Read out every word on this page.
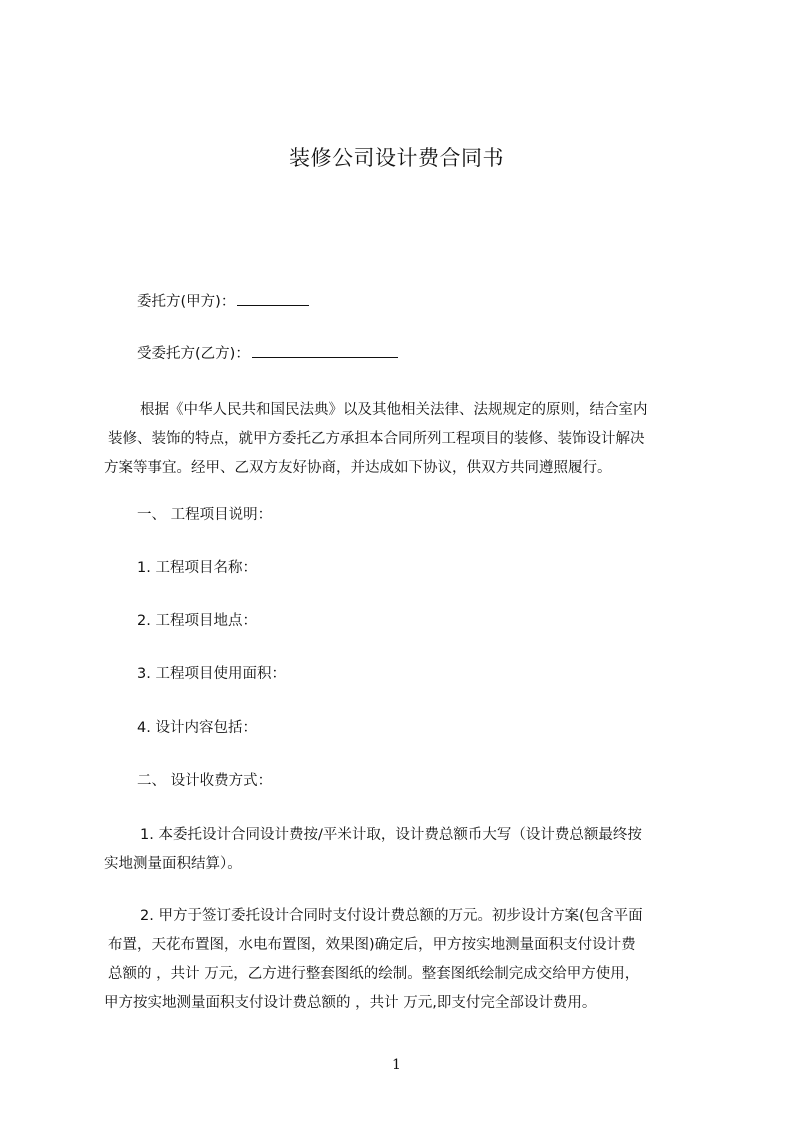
装修公司设计费合同书
委托方(甲方)：
受委托方(乙方)：
根据《中华人民共和国民法典》以及其他相关法律、法规规定的原则，结合室内
装修、装饰的特点，就甲方委托乙方承担本合同所列工程项目的装修、装饰设计解决
方案等事宜。经甲、乙双方友好协商，并达成如下协议，供双方共同遵照履行。
一、 工程项目说明：
1. 工程项目名称：
2. 工程项目地点：
3. 工程项目使用面积：
4. 设计内容包括：
二、 设计收费方式：
1. 本委托设计合同设计费按/平米计取，设计费总额币大写（设计费总额最终按
实地测量面积结算）。
2. 甲方于签订委托设计合同时支付设计费总额的万元。初步设计方案(包含平面
布置，天花布置图，水电布置图，效果图)确定后，甲方按实地测量面积支付设计费
总额的 ，共计 万元，乙方进行整套图纸的绘制。整套图纸绘制完成交给甲方使用，
甲方按实地测量面积支付设计费总额的 ，共计 万元,即支付完全部设计费用。
1
